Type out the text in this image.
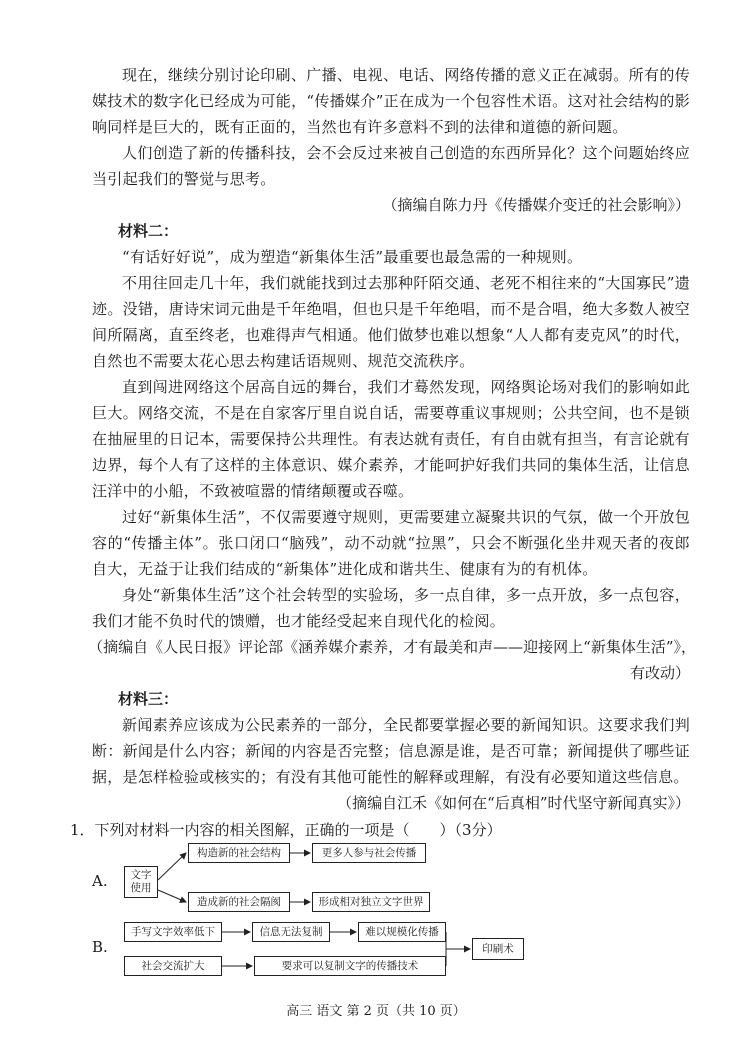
现在，继续分别讨论印刷、广播、电视、电话、网络传播的意义正在减弱。所有的传媒技术的数字化已经成为可能，“传播媒介”正在成为一个包容性术语。这对社会结构的影响同样是巨大的，既有正面的，当然也有许多意料不到的法律和道德的新问题。

人们创造了新的传播科技，会不会反过来被自己创造的东西所异化？这个问题始终应当引起我们的警觉与思考。

（摘编自陈力丹《传播媒介变迁的社会影响》）

材料二：

“有话好好说”，成为塑造“新集体生活”最重要也最急需的一种规则。

不用往回走几十年，我们就能找到过去那种阡陌交通、老死不相往来的“大国寡民”遗迹。没错，唐诗宋词元曲是千年绝唱，但也只是千年绝唱，而不是合唱，绝大多数人被空间所隔离，直至终老，也难得声气相通。他们做梦也难以想象“人人都有麦克风”的时代，自然也不需要太花心思去构建话语规则、规范交流秩序。

直到闯进网络这个居高自远的舞台，我们才蓦然发现，网络舆论场对我们的影响如此巨大。网络交流，不是在自家客厅里自说自话，需要尊重议事规则；公共空间，也不是锁在抽屉里的日记本，需要保持公共理性。有表达就有责任，有自由就有担当，有言论就有边界，每个人有了这样的主体意识、媒介素养，才能呵护好我们共同的集体生活，让信息汪洋中的小船，不致被喧嚣的情绪颠覆或吞噬。

过好“新集体生活”，不仅需要遵守规则，更需要建立凝聚共识的气氛，做一个开放包容的“传播主体”。张口闭口“脑残”，动不动就“拉黑”，只会不断强化坐井观天者的夜郎自大，无益于让我们结成的“新集体”进化成和谐共生、健康有为的有机体。

身处“新集体生活”这个社会转型的实验场，多一点自律，多一点开放，多一点包容，我们才能不负时代的馈赠，也才能经受起来自现代化的检阅。

（摘编自《人民日报》评论部《涵养媒介素养，才有最美和声——迎接网上“新集体生活”》，

有改动）

材料三：

新闻素养应该成为公民素养的一部分，全民都要掌握必要的新闻知识。这要求我们判断：新闻是什么内容；新闻的内容是否完整；信息源是谁，是否可靠；新闻提供了哪些证据，是怎样检验或核实的；有没有其他可能性的解释或理解，有没有必要知道这些信息。

（摘编自江禾《如何在“后真相”时代坚守新闻真实》）

1．下列对材料一内容的相关图解，正确的一项是（　　）（3分）

A.	文字
使用
构造新的社会结构	更多人参与社会传播
造成新的社会隔阂	形成相对独立文字世界
B.
手写文字效率低下	信息无法复制	难以规模化传播
社会交流扩大	要求可以复制文字的传播技术
印刷术
高三 语文 第 2 页（共 10 页）
